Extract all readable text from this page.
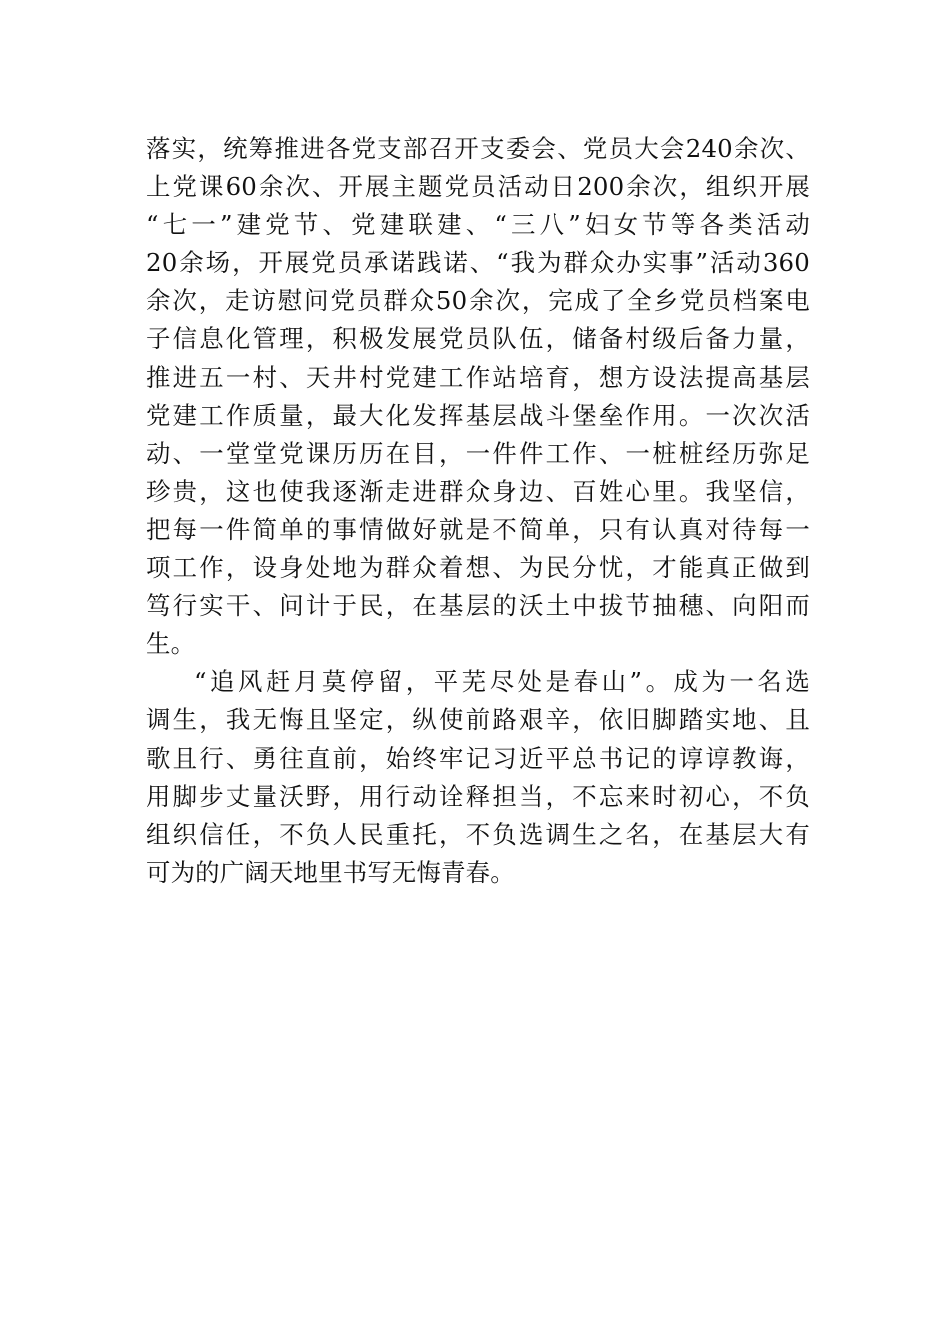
落实，统筹推进各党支部召开支委会、党员大会240余次、
上党课60余次、开展主题党员活动日200余次，组织开展
“七一”建党节、党建联建、“三八”妇女节等各类活动
20余场，开展党员承诺践诺、“我为群众办实事”活动360
余次，走访慰问党员群众50余次，完成了全乡党员档案电
子信息化管理，积极发展党员队伍，储备村级后备力量，
推进五一村、天井村党建工作站培育，想方设法提高基层
党建工作质量，最大化发挥基层战斗堡垒作用。一次次活
动、一堂堂党课历历在目，一件件工作、一桩桩经历弥足
珍贵，这也使我逐渐走进群众身边、百姓心里。我坚信，
把每一件简单的事情做好就是不简单，只有认真对待每一
项工作，设身处地为群众着想、为民分忧，才能真正做到
笃行实干、问计于民，在基层的沃土中拔节抽穗、向阳而
生。
“追风赶月莫停留，平芜尽处是春山”。成为一名选
调生，我无悔且坚定，纵使前路艰辛，依旧脚踏实地、且
歌且行、勇往直前，始终牢记习近平总书记的谆谆教诲，
用脚步丈量沃野，用行动诠释担当，不忘来时初心，不负
组织信任，不负人民重托，不负选调生之名，在基层大有
可为的广阔天地里书写无悔青春。
